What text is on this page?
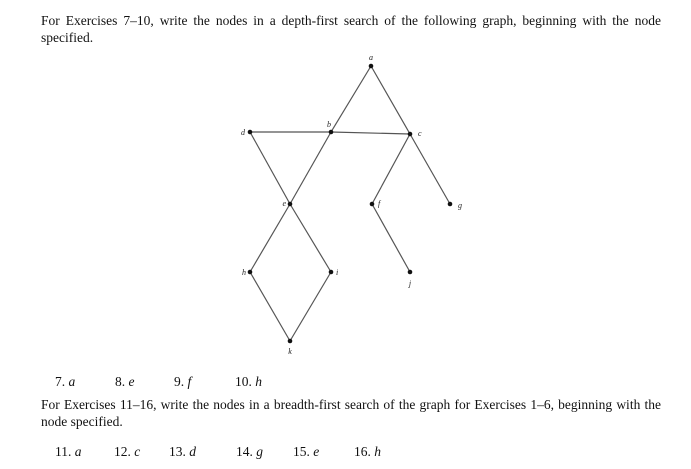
For Exercises 7–10, write the nodes in a depth-first search of the following graph, beginning with the node specified.
a
b
c
d
e	f	g
h	i
j
k
7. a	8. e	9. f	10. h
For Exercises 11–16, write the nodes in a breadth-first search of the graph for Exercises 1–6, beginning with the node specified.
11. a 12. c 13. d	14. g 15. e	16. h
